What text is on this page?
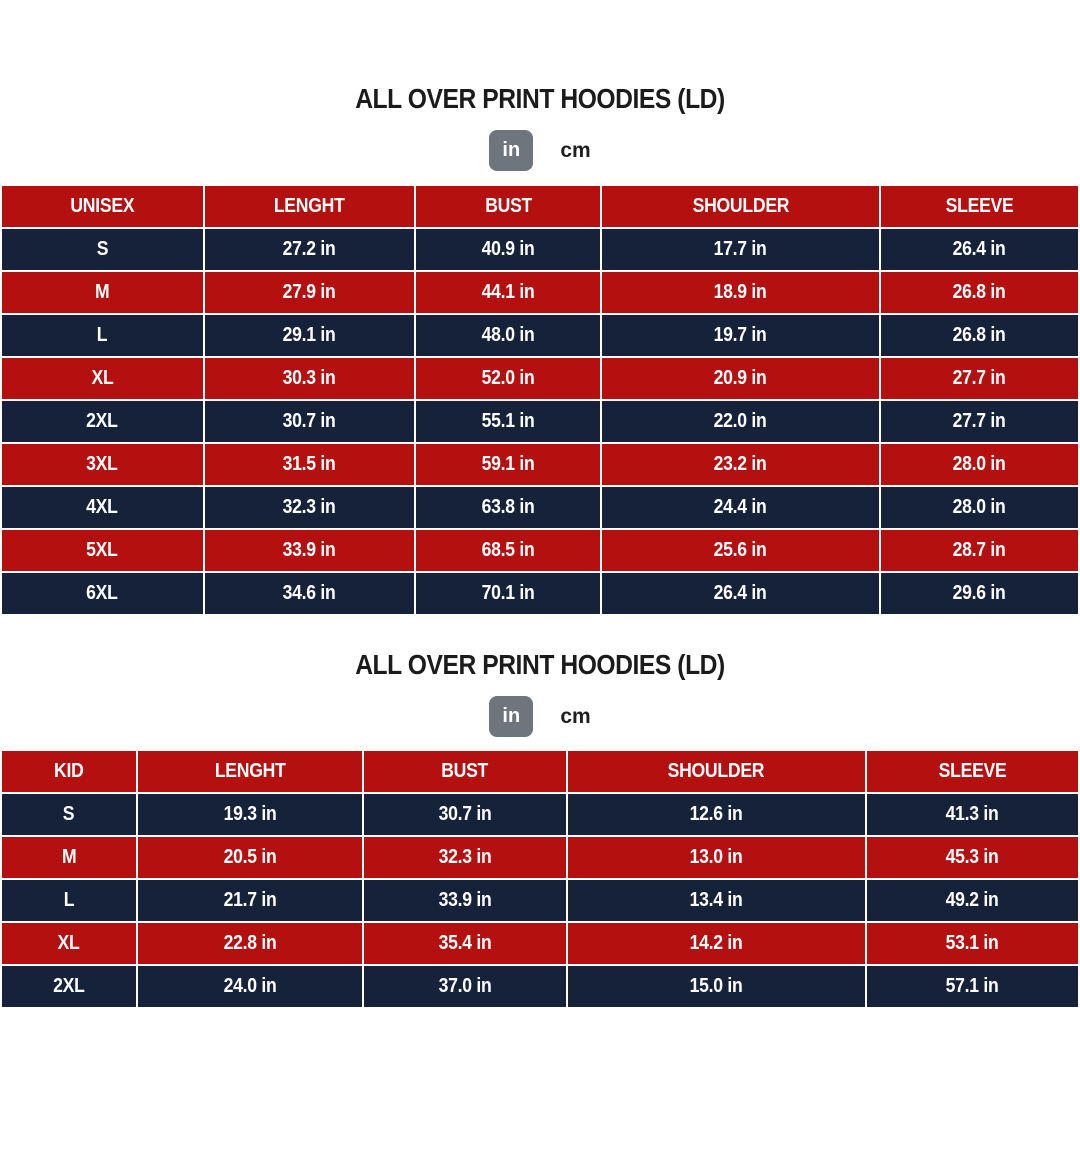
ALL OVER PRINT HOODIES (LD)
in	cm
UNISEX	LENGHT	BUST	SHOULDER	SLEEVE
S	27.2 in	40.9 in	17.7 in	26.4 in
M	27.9 in	44.1 in	18.9 in	26.8 in
L	29.1 in	48.0 in	19.7 in	26.8 in
XL	30.3 in	52.0 in	20.9 in	27.7 in
2XL	30.7 in	55.1 in	22.0 in	27.7 in
3XL	31.5 in	59.1 in	23.2 in	28.0 in
4XL	32.3 in	63.8 in	24.4 in	28.0 in
5XL	33.9 in	68.5 in	25.6 in	28.7 in
6XL	34.6 in	70.1 in	26.4 in	29.6 in
ALL OVER PRINT HOODIES (LD)
in	cm
KID	LENGHT	BUST	SHOULDER	SLEEVE
S	19.3 in	30.7 in	12.6 in	41.3 in
M	20.5 in	32.3 in	13.0 in	45.3 in
L	21.7 in	33.9 in	13.4 in	49.2 in
XL	22.8 in	35.4 in	14.2 in	53.1 in
2XL	24.0 in	37.0 in	15.0 in	57.1 in
